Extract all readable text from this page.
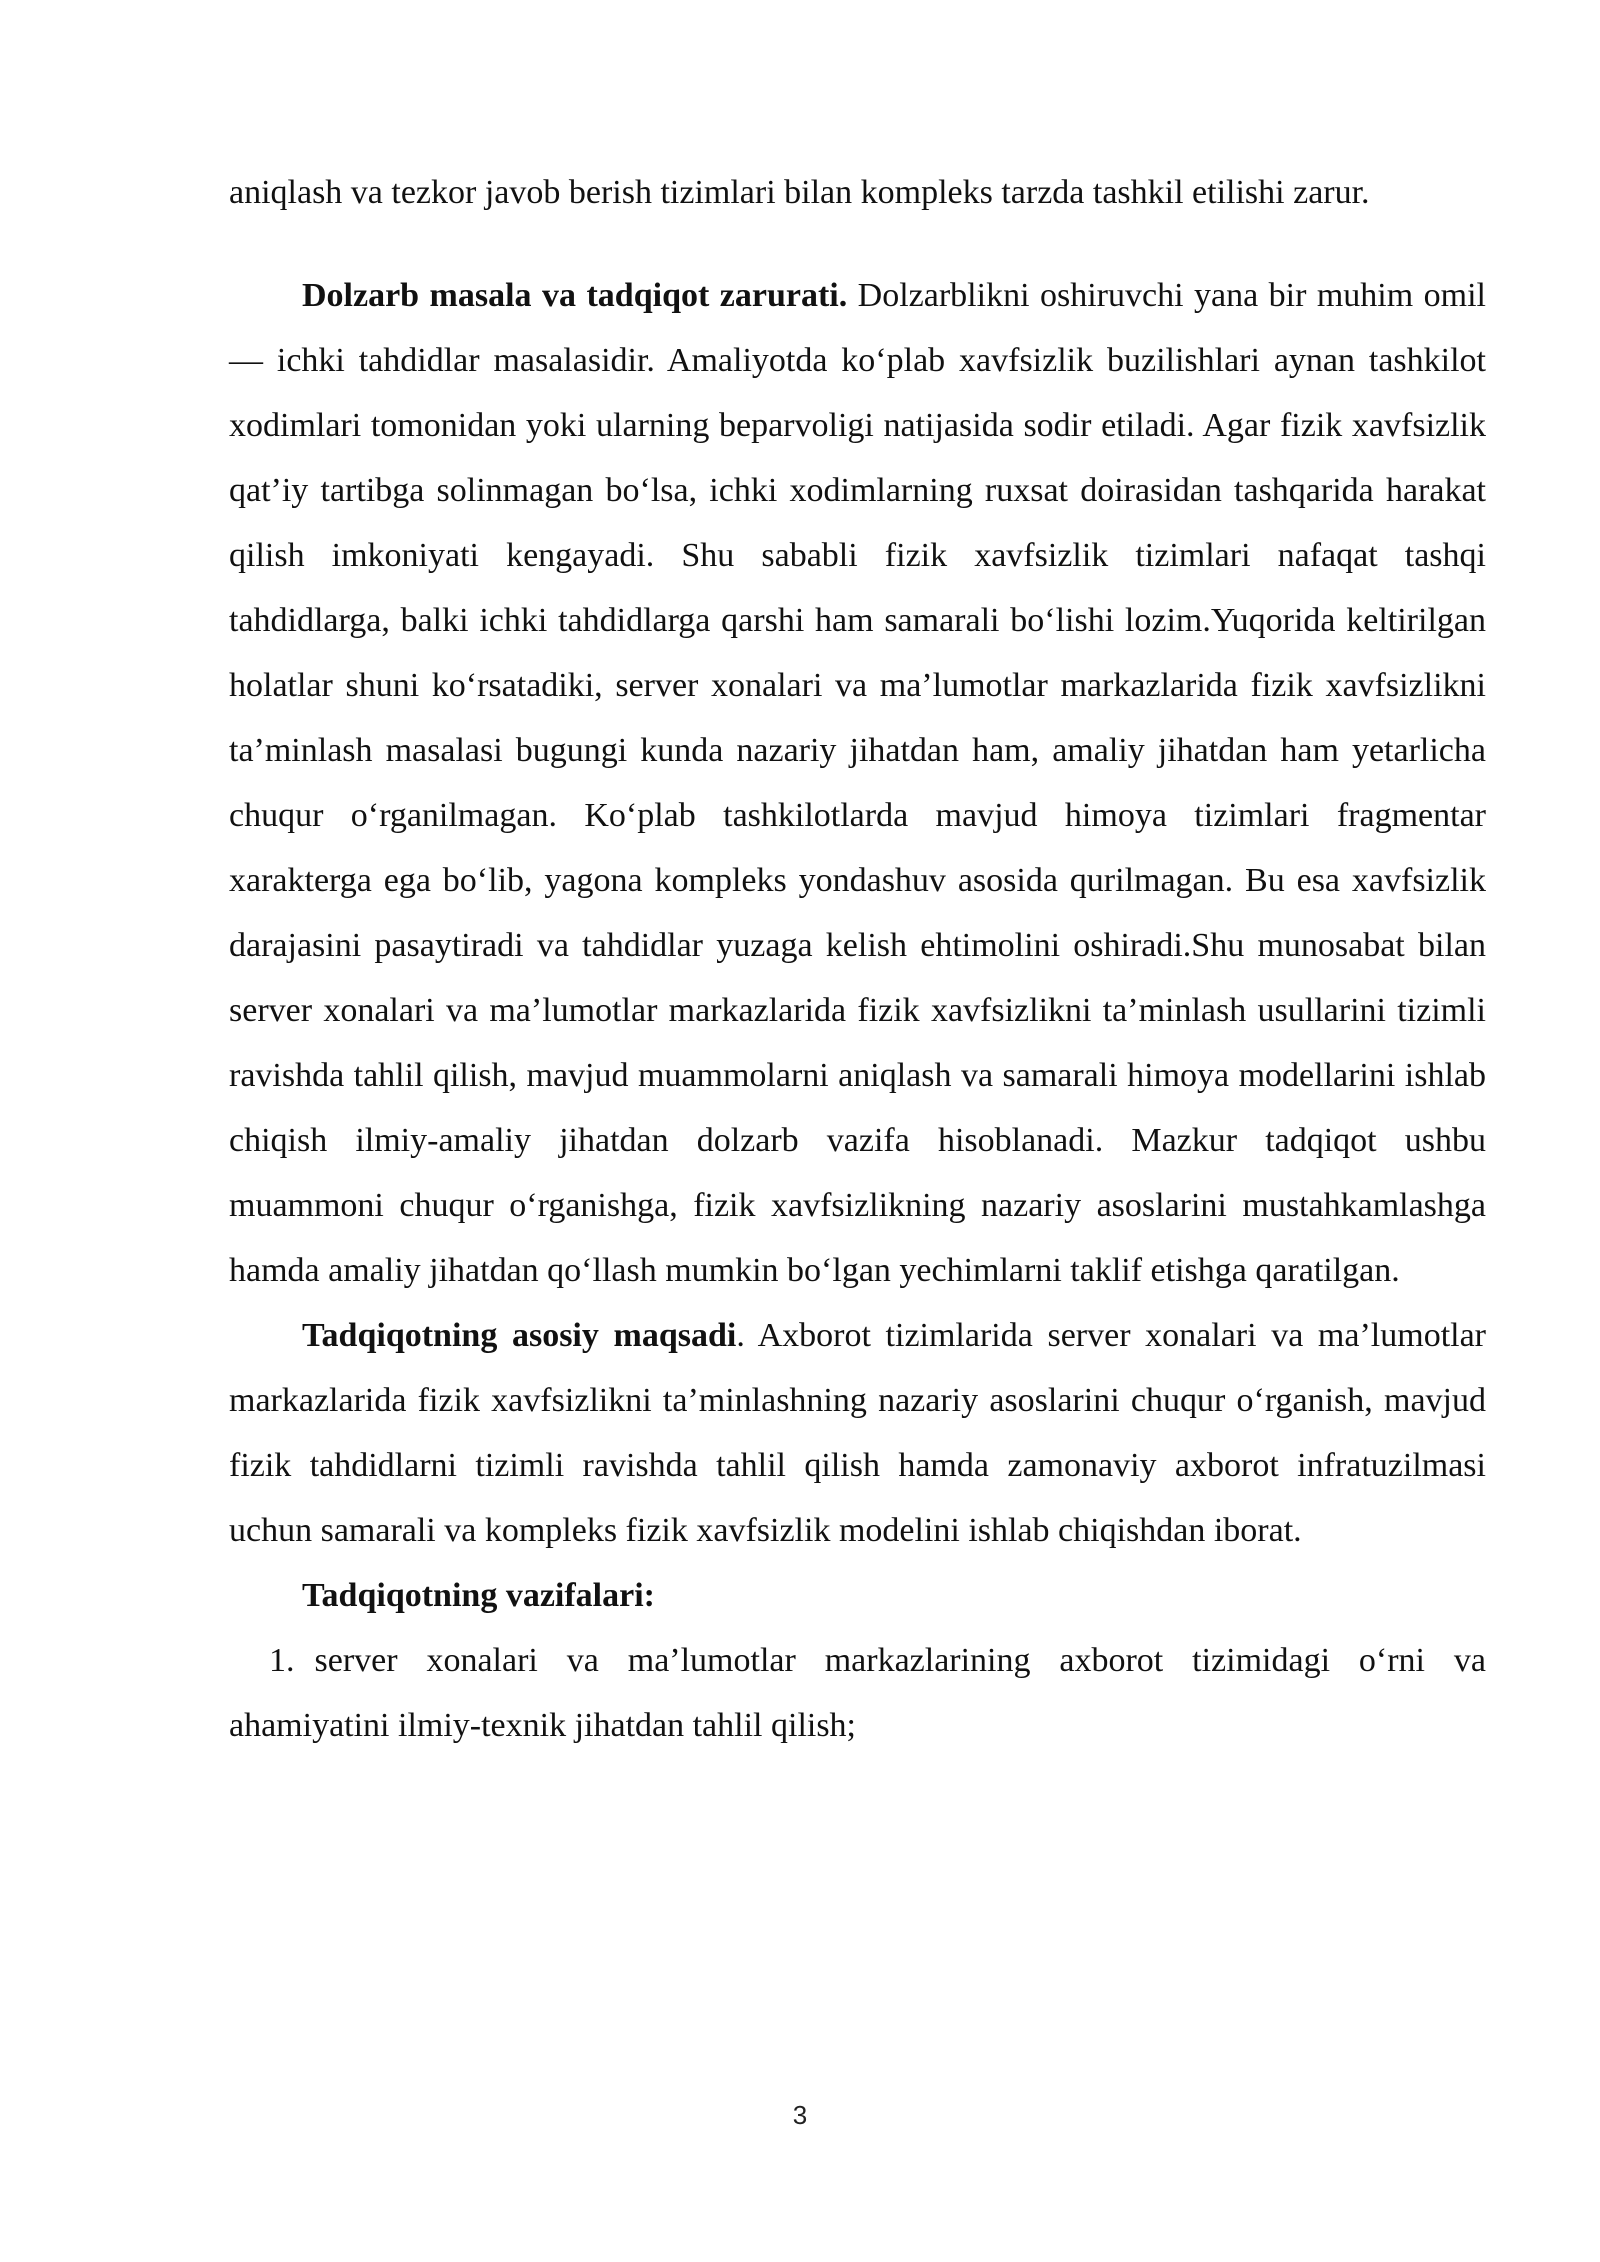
aniqlash va tezkor javob berish tizimlari bilan kompleks tarzda tashkil etilishi zarur.

Dolzarb masala va tadqiqot zarurati. Dolzarblikni oshiruvchi yana bir muhim omil — ichki tahdidlar masalasidir. Amaliyotda ko‘plab xavfsizlik buzilishlari aynan tashkilot xodimlari tomonidan yoki ularning beparvoligi natijasida sodir etiladi. Agar fizik xavfsizlik qat’iy tartibga solinmagan bo‘lsa, ichki xodimlarning ruxsat doirasidan tashqarida harakat qilish imkoniyati kengayadi. Shu sababli fizik xavfsizlik tizimlari nafaqat tashqi tahdidlarga, balki ichki tahdidlarga qarshi ham samarali bo‘lishi lozim.Yuqorida keltirilgan holatlar shuni ko‘rsatadiki, server xonalari va ma’lumotlar markazlarida fizik xavfsizlikni ta’minlash masalasi bugungi kunda nazariy jihatdan ham, amaliy jihatdan ham yetarlicha chuqur o‘rganilmagan. Ko‘plab tashkilotlarda mavjud himoya tizimlari fragmentar xarakterga ega bo‘lib, yagona kompleks yondashuv asosida qurilmagan. Bu esa xavfsizlik darajasini pasaytiradi va tahdidlar yuzaga kelish ehtimolini oshiradi.Shu munosabat bilan server xonalari va ma’lumotlar markazlarida fizik xavfsizlikni ta’minlash usullarini tizimli ravishda tahlil qilish, mavjud muammolarni aniqlash va samarali himoya modellarini ishlab chiqish ilmiy-amaliy jihatdan dolzarb vazifa hisoblanadi. Mazkur tadqiqot ushbu muammoni chuqur o‘rganishga, fizik xavfsizlikning nazariy asoslarini mustahkamlashga hamda amaliy jihatdan qo‘llash mumkin bo‘lgan yechimlarni taklif etishga qaratilgan.

Tadqiqotning asosiy maqsadi. Axborot tizimlarida server xonalari va ma’lumotlar markazlarida fizik xavfsizlikni ta’minlashning nazariy asoslarini chuqur o‘rganish, mavjud fizik tahdidlarni tizimli ravishda tahlil qilish hamda zamonaviy axborot infratuzilmasi uchun samarali va kompleks fizik xavfsizlik modelini ishlab chiqishdan iborat.

Tadqiqotning vazifalari:

1. server xonalari va ma’lumotlar markazlarining axborot tizimidagi o‘rni va ahamiyatini ilmiy-texnik jihatdan tahlil qilish;

3
